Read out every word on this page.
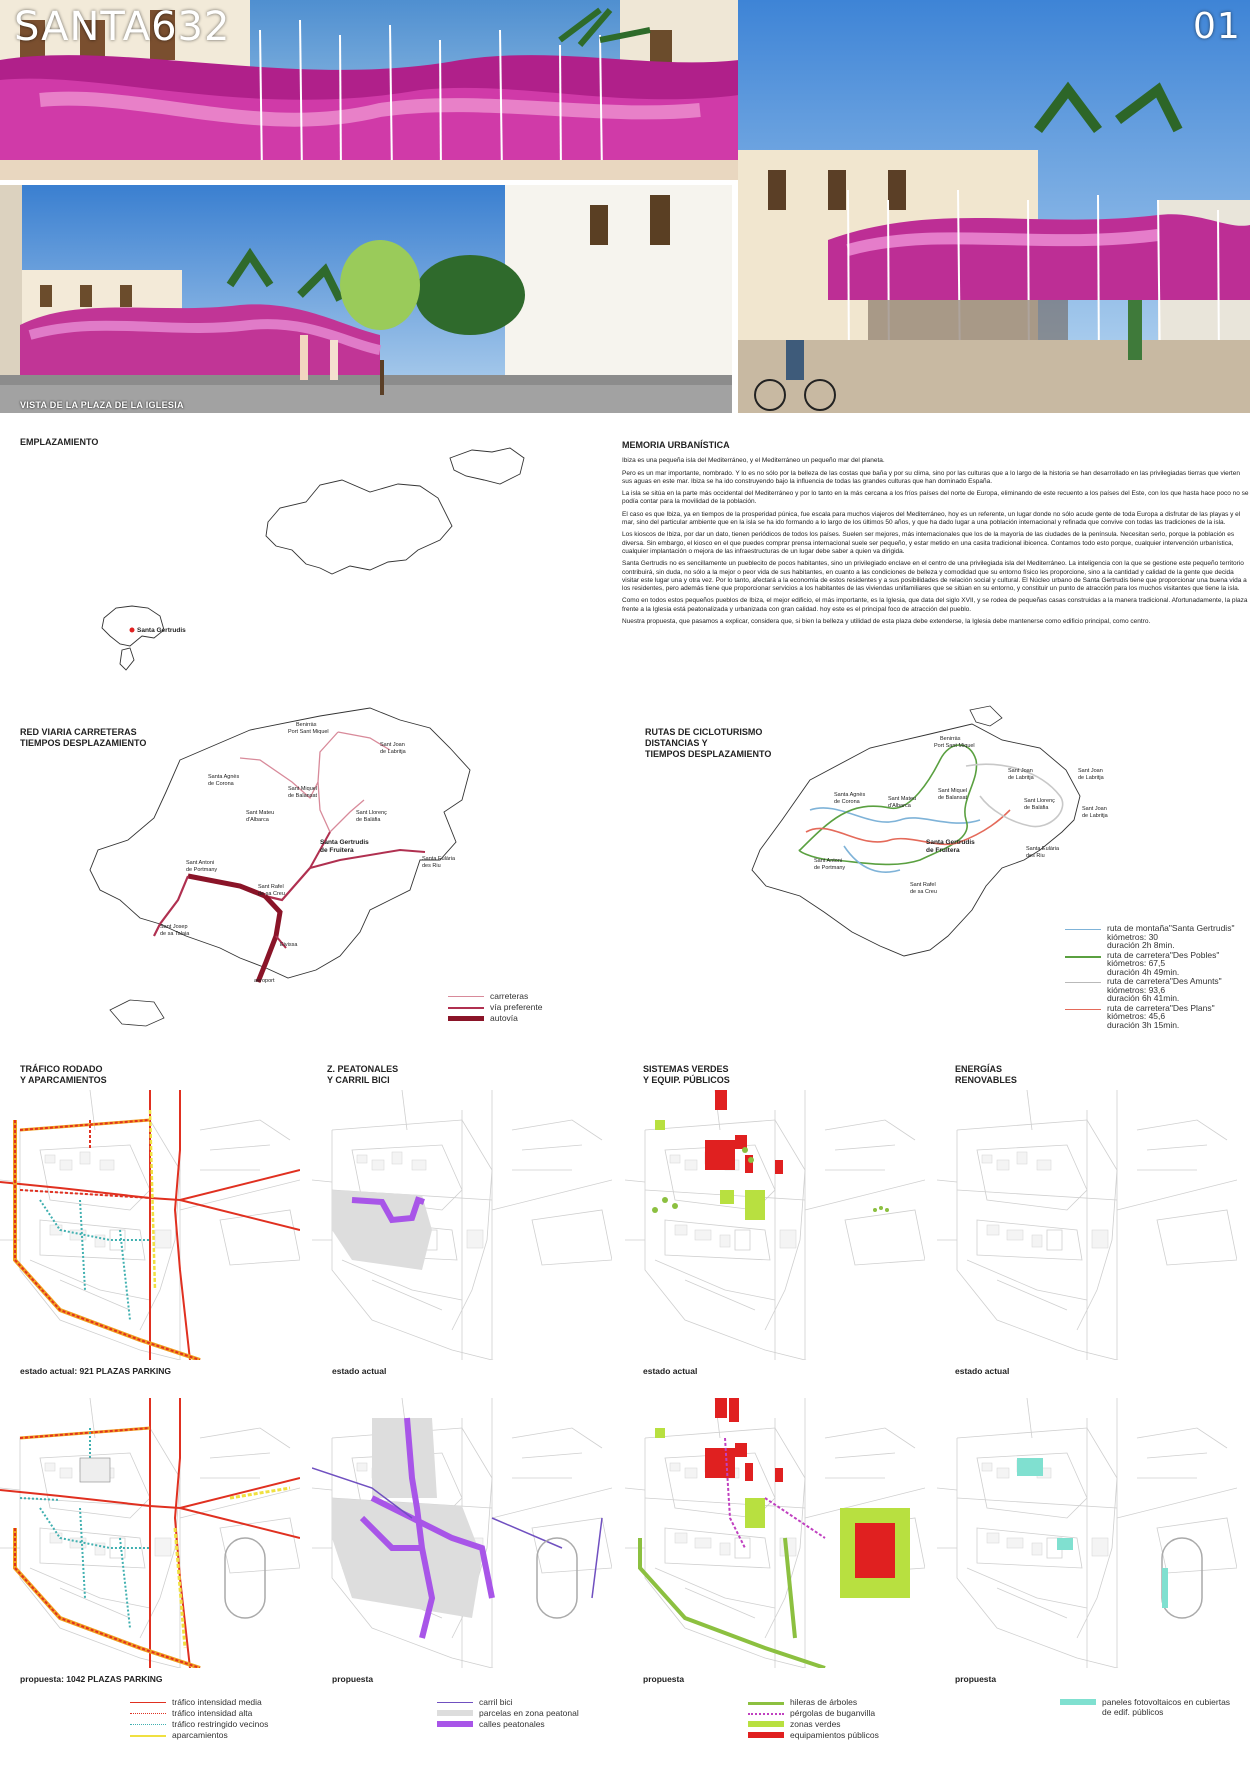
SANTA632
VISTA DE LA PLAZA DE LA IGLESIA
01
EMPLAZAMIENTO
Santa Gertrudis
MEMORIA URBANÍSTICA

Ibiza es una pequeña isla del Mediterráneo, y el Mediterráneo un pequeño mar del planeta.

Pero es un mar importante, nombrado. Y lo es no sólo por la belleza de las costas que baña y por su clima, sino por las culturas que a lo largo de la historia se han desarrollado en las privilegiadas tierras que vierten sus aguas en este mar. Ibiza se ha ido construyendo bajo la influencia de todas las grandes culturas que han dominado España.

La isla se sitúa en la parte más occidental del Mediterráneo y por lo tanto en la más cercana a los fríos países del norte de Europa, eliminando de este recuento a los países del Este, con los que hasta hace poco no se podía contar para la movilidad de la población.

El caso es que Ibiza, ya en tiempos de la prosperidad púnica, fue escala para muchos viajeros del Mediterráneo, hoy es un referente, un lugar donde no sólo acude gente de toda Europa a disfrutar de las playas y el mar, sino del particular ambiente que en la isla se ha ido formando a lo largo de los últimos 50 años, y que ha dado lugar a una población internacional y refinada que convive con todas las tradiciones de la isla.

Los kioscos de Ibiza, por dar un dato, tienen periódicos de todos los países. Suelen ser mejores, más internacionales que los de la mayoría de las ciudades de la península. Necesitan serlo, porque la población es diversa. Sin embargo, el kiosco en el que puedes comprar prensa internacional suele ser pequeño, y estar metido en una casita tradicional ibicenca. Contamos todo esto porque, cualquier intervención urbanística, cualquier implantación o mejora de las infraestructuras de un lugar debe saber a quien va dirigida.

Santa Gertrudis no es sencillamente un pueblecito de pocos habitantes, sino un privilegiado enclave en el centro de una privilegiada isla del Mediterráneo. La inteligencia con la que se gestione este pequeño territorio contribuirá, sin duda, no sólo a la mejor o peor vida de sus habitantes, en cuanto a las condiciones de belleza y comodidad que su entorno físico les proporcione, sino a la cantidad y calidad de la gente que decida visitar este lugar una y otra vez. Por lo tanto, afectará a la economía de estos residentes y a sus posibilidades de relación social y cultural. El Núcleo urbano de Santa Gertrudis tiene que proporcionar una buena vida a los residentes, pero además tiene que proporcionar servicios a los habitantes de las viviendas unifamiliares que se sitúan en su entorno, y constituir un punto de atracción para los muchos visitantes que tiene la isla.

Como en todos estos pequeños pueblos de Ibiza, el mejor edificio, el más importante, es la Iglesia, que data del siglo XVII, y se rodea de pequeñas casas construidas a la manera tradicional. Afortunadamente, la plaza frente a la Iglesia está peatonalizada y urbanizada con gran calidad. hoy este es el principal foco de atracción del pueblo.

Nuestra propuesta, que pasamos a explicar, considera que, si bien la belleza y utilidad de esta plaza debe extenderse, la Iglesia debe mantenerse como edificio principal, como centro.

RED VIARIA CARRETERAS
TIEMPOS DESPLAZAMIENTO
Benirràs
Port Sant Miquel
Sant Joan
de Labritja
Sant Miquel
de Balansat
Santa Agnès
de Corona
Sant Mateu
d'Albarca
Sant Llorenç
de Balàfia
Santa Gertrudis
de Fruitera
Sant Antoni
de Portmany
Santa Eulària
des Riu
Sant Rafel
de sa Creu
Sant Josep
de sa Talaia
Eivissa
aeroport
carreteras
vía preferente
autovía
RUTAS DE CICLOTURISMO
DISTANCIAS Y
TIEMPOS DESPLAZAMIENTO
Benirràs
Port Sant Miquel
Sant Joan
de Labritja
Sant Joan
de Labritja
Sant Miquel
de Balansat
Santa Agnès
de Corona	Sant Mateu
d'Albarca
Sant Llorenç
de Balàfia	Sant Joan
de Labritja
Santa Gertrudis
de Fruitera
Sant Antoni
de Portmany
Santa Eulària
des Riu
Sant Rafel
de sa Creu
ruta de montaña"Santa Gertrudis"
kiómetros: 30
duración 2h 8min.
ruta de carretera"Des Pobles"
kiómetros: 67,5
duración 4h 49min.
ruta de carretera"Des Amunts"
kiómetros: 93,6
duración 6h 41min.
ruta de carretera"Des Plans"
kiómetros: 45,6
duración 3h 15min.
TRÁFICO RODADO
Y APARCAMIENTOS
Z. PEATONALES
Y CARRIL BICI
SISTEMAS VERDES
Y EQUIP. PÚBLICOS
ENERGÍAS
RENOVABLES
estado actual: 921 PLAZAS PARKING	estado actual	estado actual	estado actual
propuesta: 1042 PLAZAS PARKING	propuesta	propuesta	propuesta
tráfico intensidad media
tráfico intensidad alta
tráfico restringido vecinos
aparcamientos
carril bici
parcelas en zona peatonal
calles peatonales
hileras de árboles
pérgolas de buganvilla
zonas verdes
equipamientos públicos
paneles fotovoltaicos en cubiertas de edif. públicos
